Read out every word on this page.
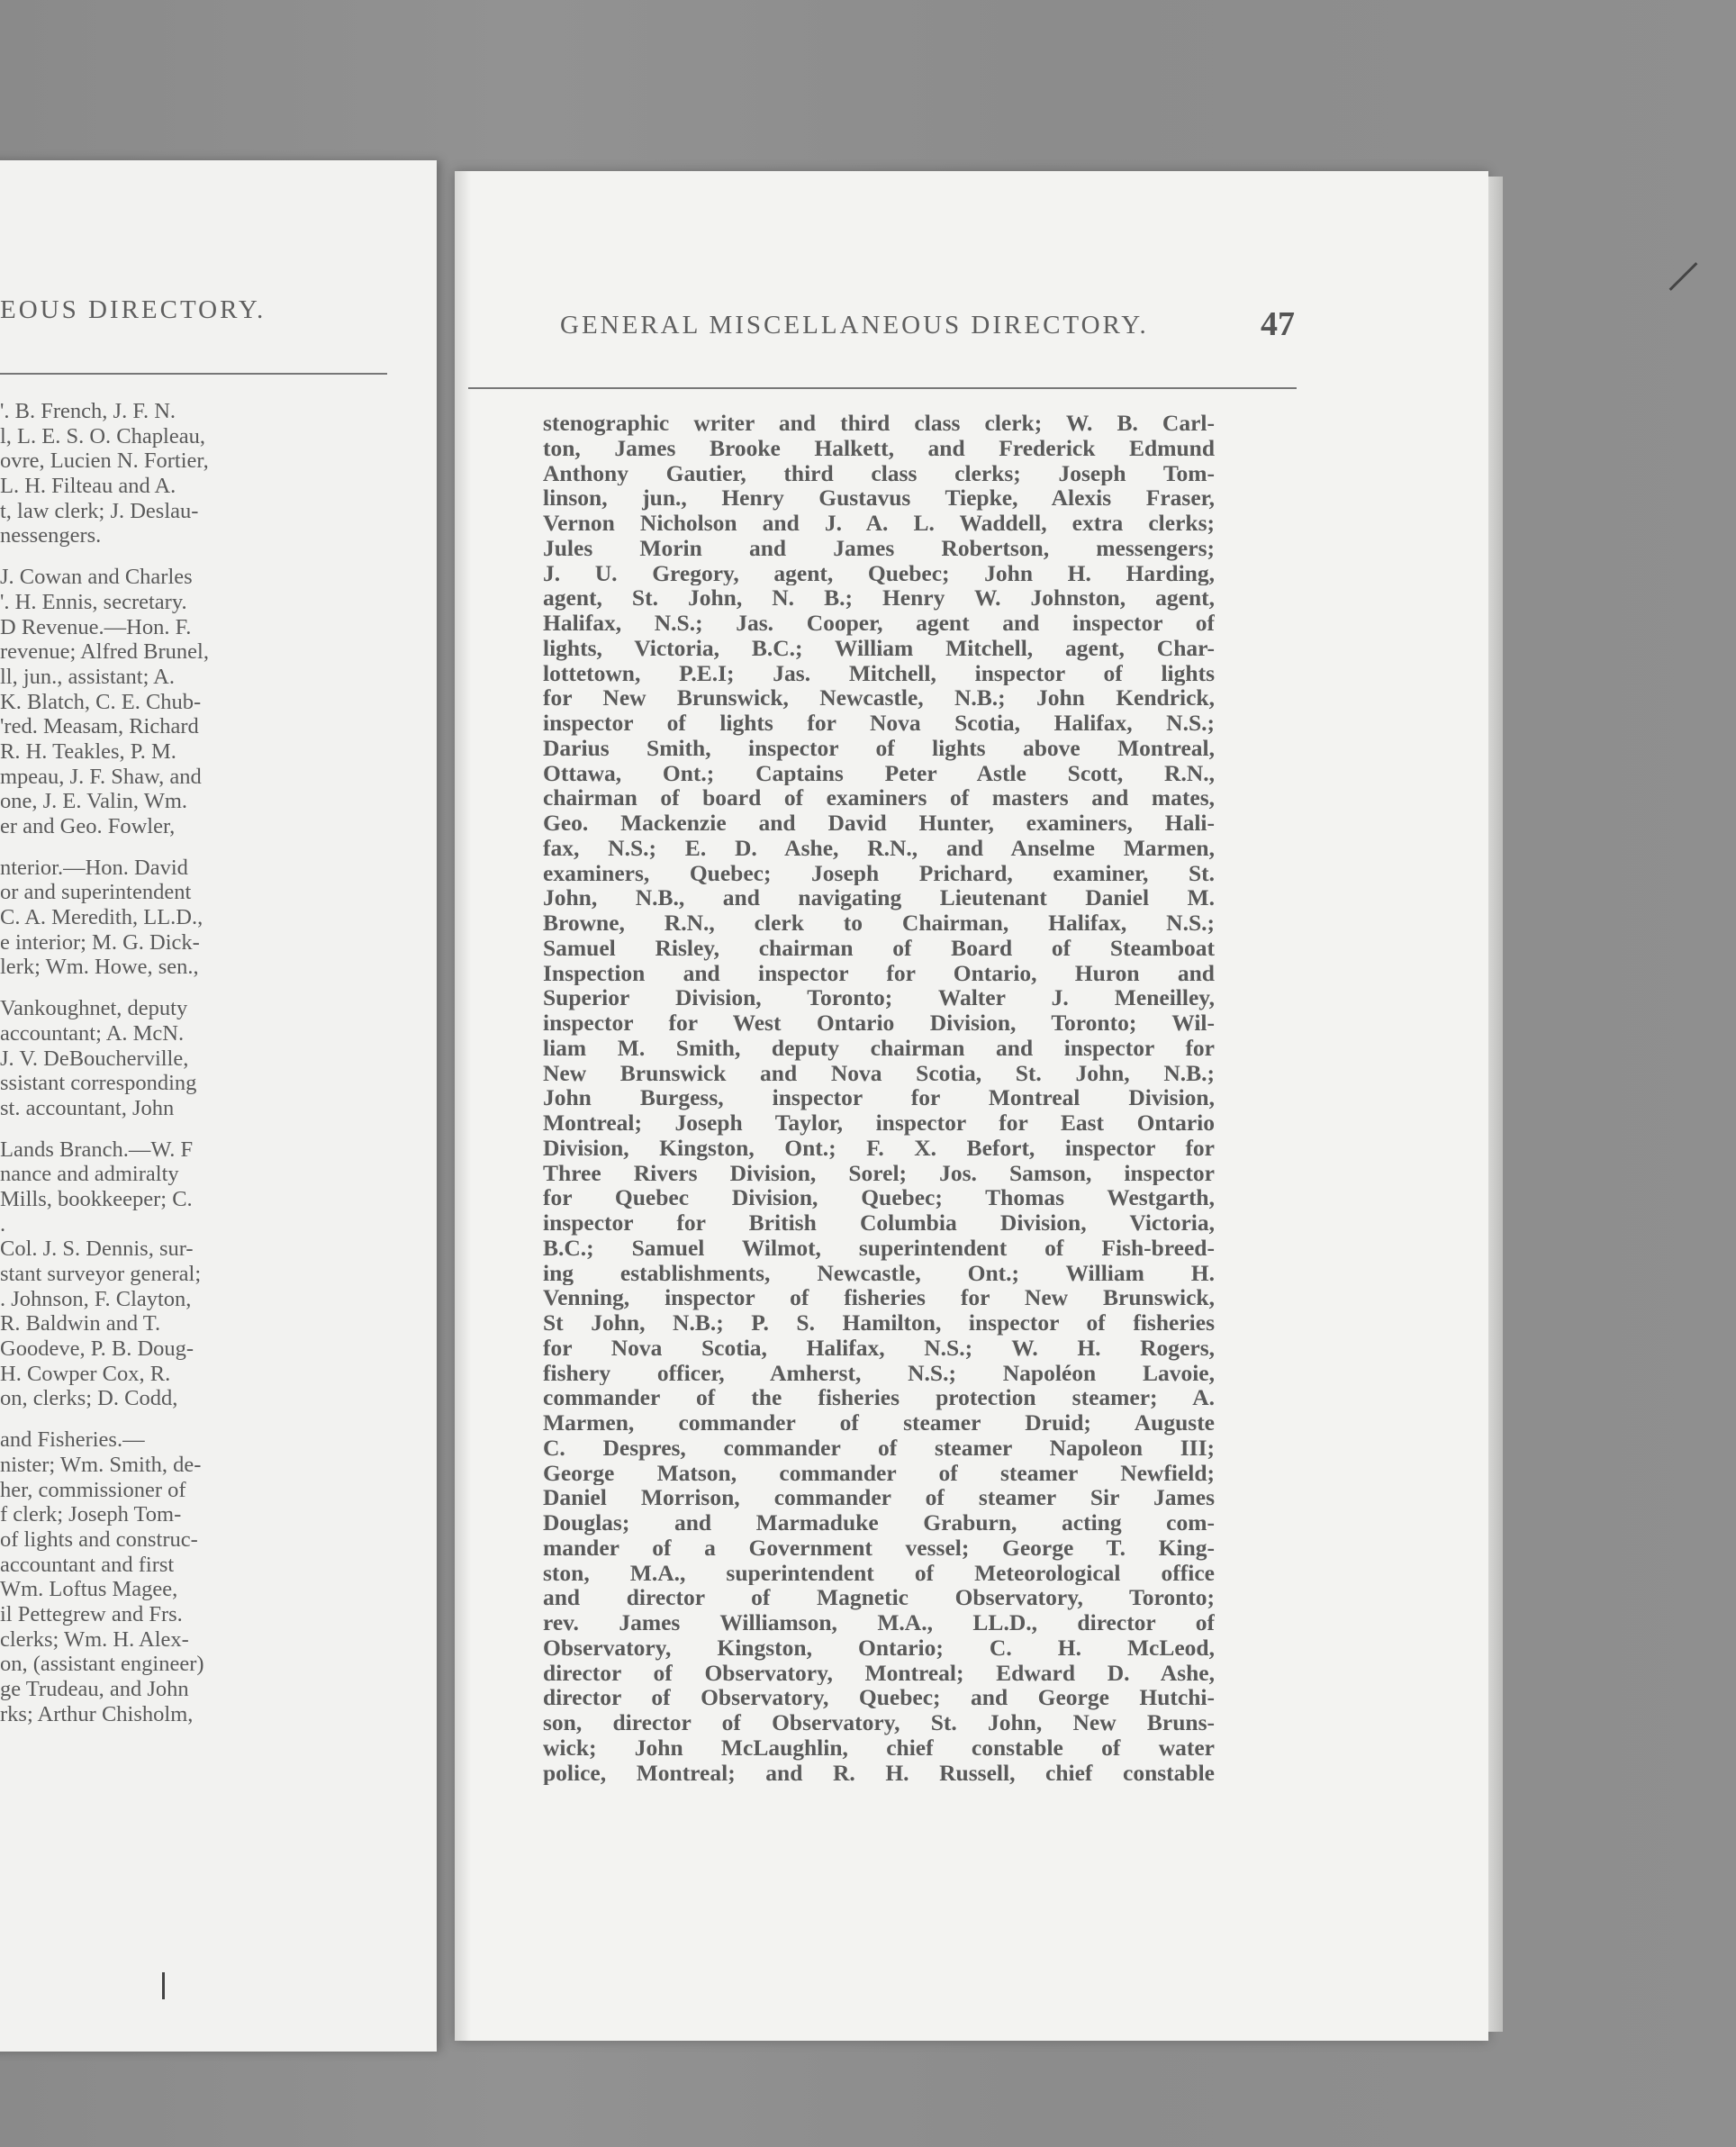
EOUS DIRECTORY.
GENERAL MISCELLANEOUS DIRECTORY.	47
'. B. French, J. F. N.
l, L. E. S. O. Chapleau,
ovre, Lucien N. Fortier,
L. H. Filteau and A.
t, law clerk; J. Deslau-
nessengers.
J. Cowan and Charles
'. H. Ennis, secretary.
D Revenue.—Hon. F.
revenue; Alfred Brunel,
ll, jun., assistant; A.
K. Blatch, C. E. Chub-
'red. Measam, Richard
R. H. Teakles, P. M.
mpeau, J. F. Shaw, and
one, J. E. Valin, Wm.
er and Geo. Fowler,
nterior.—Hon. David
or and superintendent
C. A. Meredith, LL.D.,
e interior; M. G. Dick-
lerk; Wm. Howe, sen.,
Vankoughnet, deputy
accountant; A. McN.
J. V. DeBoucherville,
ssistant corresponding
st. accountant, John
Lands Branch.—W. F
nance and admiralty
Mills, bookkeeper; C.
.
Col. J. S. Dennis, sur-
stant surveyor general;
. Johnson, F. Clayton,
R. Baldwin and T.
Goodeve, P. B. Doug-
H. Cowper Cox, R.
on, clerks; D. Codd,
and Fisheries.—
nister; Wm. Smith, de-
her, commissioner of
f clerk; Joseph Tom-
of lights and construc-
accountant and first
Wm. Loftus Magee,
il Pettegrew and Frs.
clerks; Wm. H. Alex-
on, (assistant engineer)
ge Trudeau, and John
rks; Arthur Chisholm,
stenographic writer and third class clerk; W. B. Carl-
ton, James Brooke Halkett, and Frederick Edmund
Anthony Gautier, third class clerks; Joseph Tom-
linson, jun., Henry Gustavus Tiepke, Alexis Fraser,
Vernon Nicholson and J. A. L. Waddell, extra clerks;
Jules Morin and James Robertson, messengers;
J. U. Gregory, agent, Quebec; John H. Harding,
agent, St. John, N. B.; Henry W. Johnston, agent,
Halifax, N.S.; Jas. Cooper, agent and inspector of
lights, Victoria, B.C.; William Mitchell, agent, Char-
lottetown, P.E.I; Jas. Mitchell, inspector of lights
for New Brunswick, Newcastle, N.B.; John Kendrick,
inspector of lights for Nova Scotia, Halifax, N.S.;
Darius Smith, inspector of lights above Montreal,
Ottawa, Ont.; Captains Peter Astle Scott, R.N.,
chairman of board of examiners of masters and mates,
Geo. Mackenzie and David Hunter, examiners, Hali-
fax, N.S.; E. D. Ashe, R.N., and Anselme Marmen,
examiners, Quebec; Joseph Prichard, examiner, St.
John, N.B., and navigating Lieutenant Daniel M.
Browne, R.N., clerk to Chairman, Halifax, N.S.;
Samuel Risley, chairman of Board of Steamboat
Inspection and inspector for Ontario, Huron and
Superior Division, Toronto; Walter J. Meneilley,
inspector for West Ontario Division, Toronto; Wil-
liam M. Smith, deputy chairman and inspector for
New Brunswick and Nova Scotia, St. John, N.B.;
John Burgess, inspector for Montreal Division,
Montreal; Joseph Taylor, inspector for East Ontario
Division, Kingston, Ont.; F. X. Befort, inspector for
Three Rivers Division, Sorel; Jos. Samson, inspector
for Quebec Division, Quebec; Thomas Westgarth,
inspector for British Columbia Division, Victoria,
B.C.; Samuel Wilmot, superintendent of Fish-breed-
ing establishments, Newcastle, Ont.; William H.
Venning, inspector of fisheries for New Brunswick,
St John, N.B.; P. S. Hamilton, inspector of fisheries
for Nova Scotia, Halifax, N.S.; W. H. Rogers,
fishery officer, Amherst, N.S.; Napoléon Lavoie,
commander of the fisheries protection steamer; A.
Marmen, commander of steamer Druid; Auguste
C. Despres, commander of steamer Napoleon III;
George Matson, commander of steamer Newfield;
Daniel Morrison, commander of steamer Sir James
Douglas; and Marmaduke Graburn, acting com-
mander of a Government vessel; George T. King-
ston, M.A., superintendent of Meteorological office
and director of Magnetic Observatory, Toronto;
rev. James Williamson, M.A., LL.D., director of
Observatory, Kingston, Ontario; C. H. McLeod,
director of Observatory, Montreal; Edward D. Ashe,
director of Observatory, Quebec; and George Hutchi-
son, director of Observatory, St. John, New Bruns-
wick; John McLaughlin, chief constable of water
police, Montreal; and R. H. Russell, chief constable
